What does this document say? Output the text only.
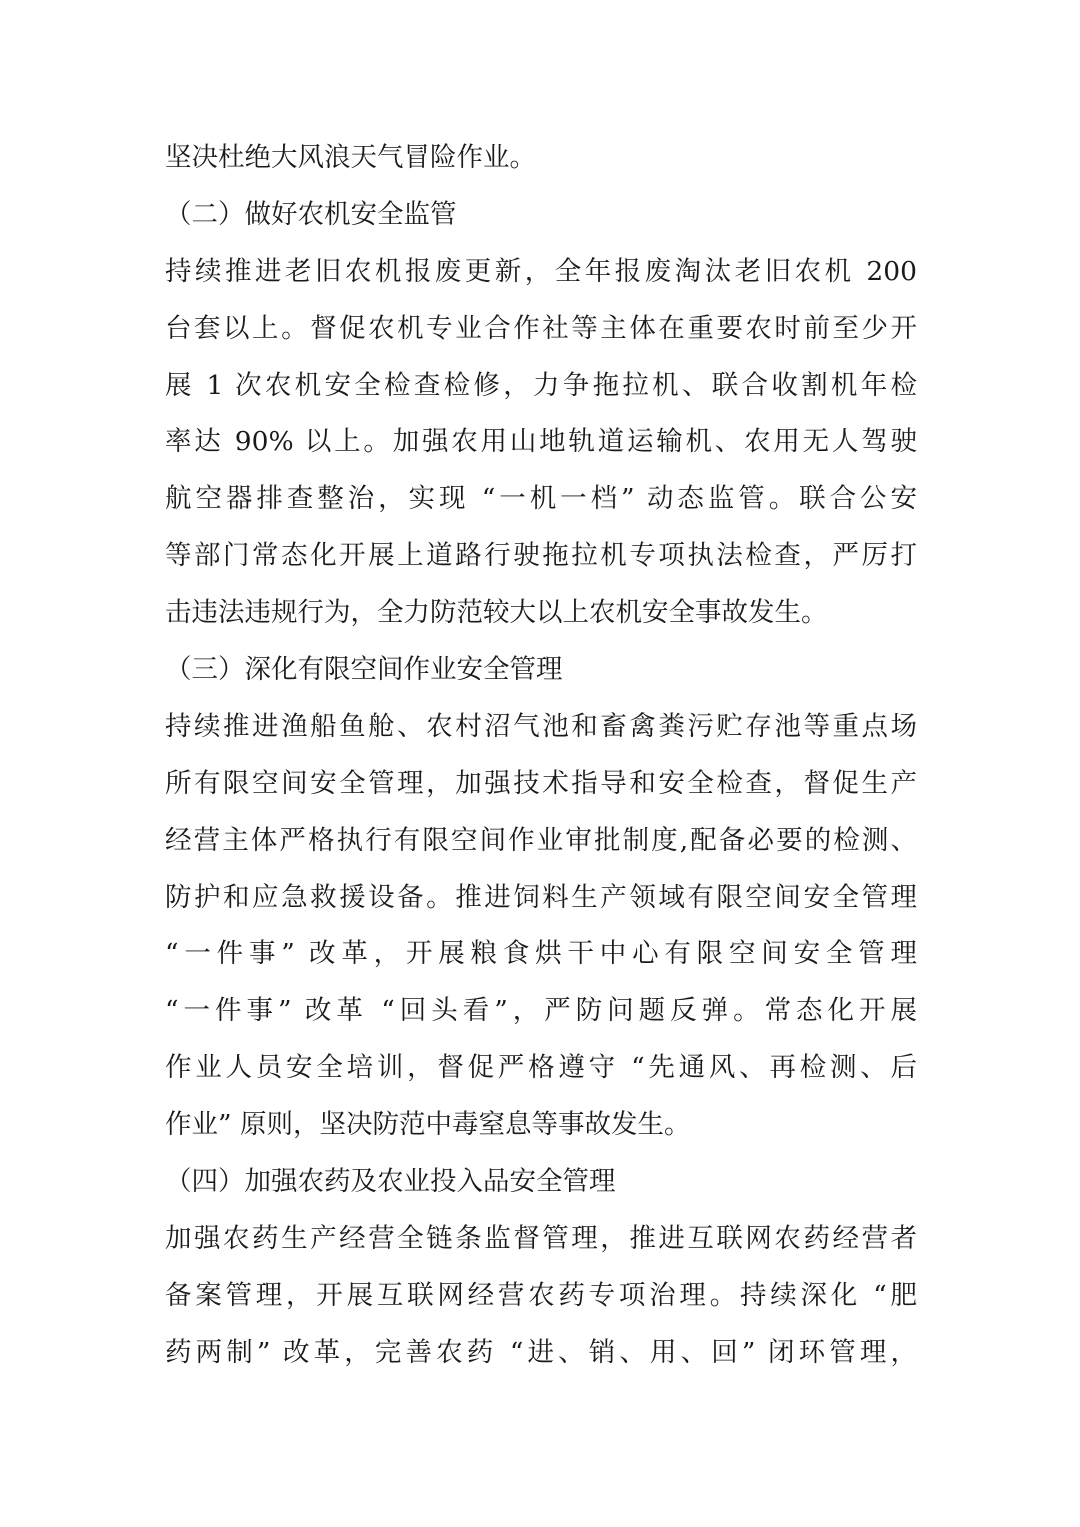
坚决杜绝大风浪天气冒险作业。
（二）做好农机安全监管
持续推进老旧农机报废更新，全年报废淘汰老旧农机 200
台套以上。督促农机专业合作社等主体在重要农时前至少开
展 1 次农机安全检查检修，力争拖拉机、联合收割机年检
率达 90% 以上。加强农用山地轨道运输机、农用无人驾驶
航空器排查整治，实现 “一机一档” 动态监管。联合公安
等部门常态化开展上道路行驶拖拉机专项执法检查，严厉打
击违法违规行为，全力防范较大以上农机安全事故发生。
（三）深化有限空间作业安全管理
持续推进渔船鱼舱、农村沼气池和畜禽粪污贮存池等重点场
所有限空间安全管理，加强技术指导和安全检查，督促生产
经营主体严格执行有限空间作业审批制度,配备必要的检测、
防护和应急救援设备。推进饲料生产领域有限空间安全管理
“一件事” 改革，开展粮食烘干中心有限空间安全管理
“一件事” 改革 “回头看”，严防问题反弹。常态化开展
作业人员安全培训，督促严格遵守 “先通风、再检测、后
作业” 原则，坚决防范中毒窒息等事故发生。
（四）加强农药及农业投入品安全管理
加强农药生产经营全链条监督管理，推进互联网农药经营者
备案管理，开展互联网经营农药专项治理。持续深化 “肥
药两制” 改革，完善农药 “进、销、用、回” 闭环管理，
